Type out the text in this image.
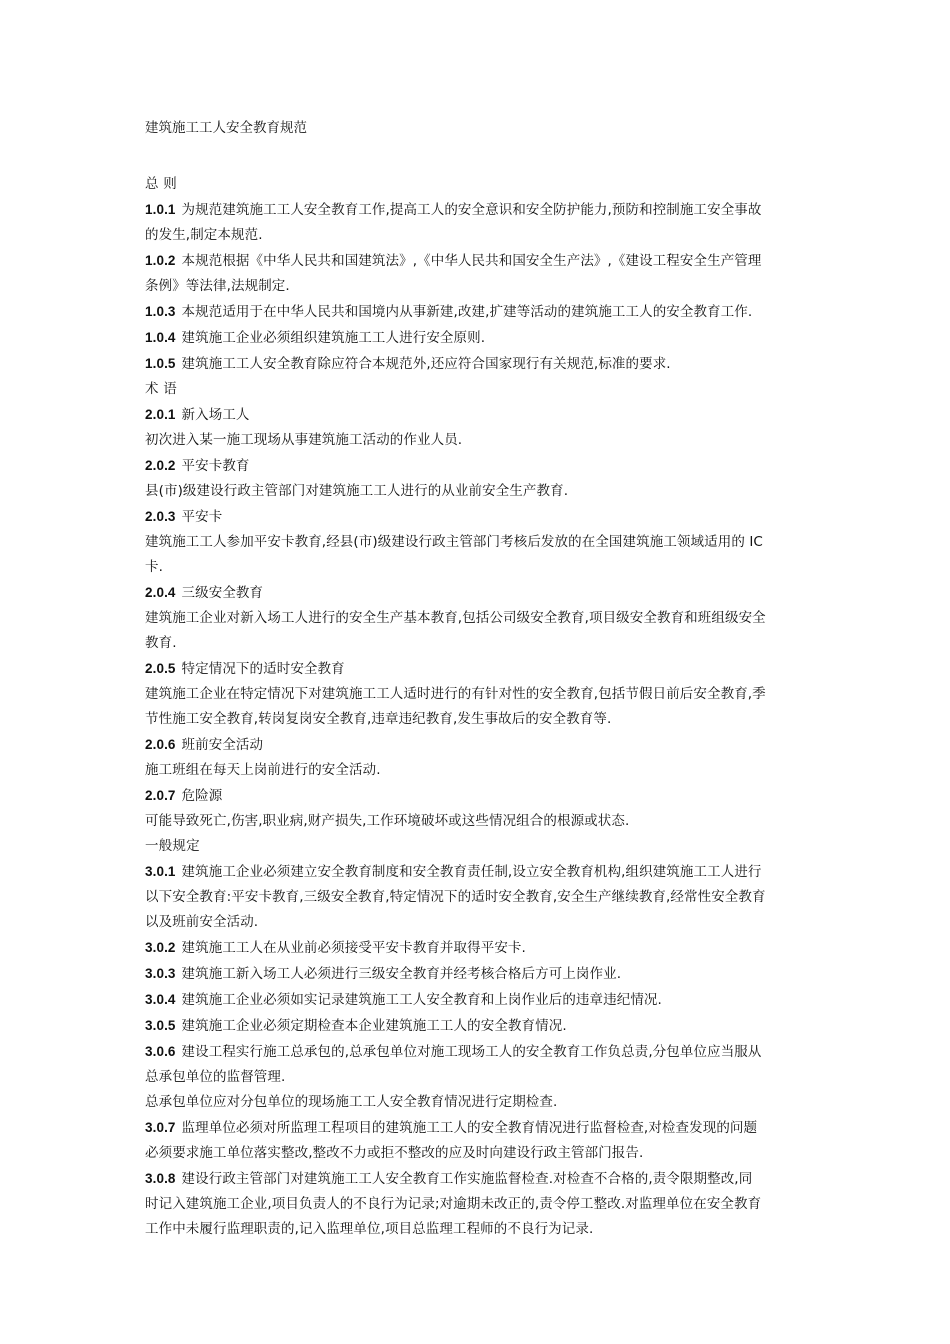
建筑施工工人安全教育规范
总 则
1.0.1 为规范建筑施工工人安全教育工作,提高工人的安全意识和安全防护能力,预防和控制施工安全事故
的发生,制定本规范.
1.0.2 本规范根据《中华人民共和国建筑法》,《中华人民共和国安全生产法》,《建设工程安全生产管理
条例》等法律,法规制定.
1.0.3 本规范适用于在中华人民共和国境内从事新建,改建,扩建等活动的建筑施工工人的安全教育工作.
1.0.4 建筑施工企业必须组织建筑施工工人进行安全原则.
1.0.5 建筑施工工人安全教育除应符合本规范外,还应符合国家现行有关规范,标准的要求.
术 语
2.0.1 新入场工人
初次进入某一施工现场从事建筑施工活动的作业人员.
2.0.2 平安卡教育
县(市)级建设行政主管部门对建筑施工工人进行的从业前安全生产教育.
2.0.3 平安卡
建筑施工工人参加平安卡教育,经县(市)级建设行政主管部门考核后发放的在全国建筑施工领域适用的 IC
卡.
2.0.4 三级安全教育
建筑施工企业对新入场工人进行的安全生产基本教育,包括公司级安全教育,项目级安全教育和班组级安全
教育.
2.0.5 特定情况下的适时安全教育
建筑施工企业在特定情况下对建筑施工工人适时进行的有针对性的安全教育,包括节假日前后安全教育,季
节性施工安全教育,转岗复岗安全教育,违章违纪教育,发生事故后的安全教育等.
2.0.6 班前安全活动
施工班组在每天上岗前进行的安全活动.
2.0.7 危险源
可能导致死亡,伤害,职业病,财产损失,工作环境破坏或这些情况组合的根源或状态.
一般规定
3.0.1 建筑施工企业必须建立安全教育制度和安全教育责任制,设立安全教育机构,组织建筑施工工人进行
以下安全教育:平安卡教育,三级安全教育,特定情况下的适时安全教育,安全生产继续教育,经常性安全教育
以及班前安全活动.
3.0.2 建筑施工工人在从业前必须接受平安卡教育并取得平安卡.
3.0.3 建筑施工新入场工人必须进行三级安全教育并经考核合格后方可上岗作业.
3.0.4 建筑施工企业必须如实记录建筑施工工人安全教育和上岗作业后的违章违纪情况.
3.0.5 建筑施工企业必须定期检查本企业建筑施工工人的安全教育情况.
3.0.6 建设工程实行施工总承包的,总承包单位对施工现场工人的安全教育工作负总责,分包单位应当服从
总承包单位的监督管理.
总承包单位应对分包单位的现场施工工人安全教育情况进行定期检查.
3.0.7 监理单位必须对所监理工程项目的建筑施工工人的安全教育情况进行监督检查,对检查发现的问题
必须要求施工单位落实整改,整改不力或拒不整改的应及时向建设行政主管部门报告.
3.0.8 建设行政主管部门对建筑施工工人安全教育工作实施监督检查.对检查不合格的,责令限期整改,同
时记入建筑施工企业,项目负责人的不良行为记录;对逾期未改正的,责令停工整改.对监理单位在安全教育
工作中未履行监理职责的,记入监理单位,项目总监理工程师的不良行为记录.
